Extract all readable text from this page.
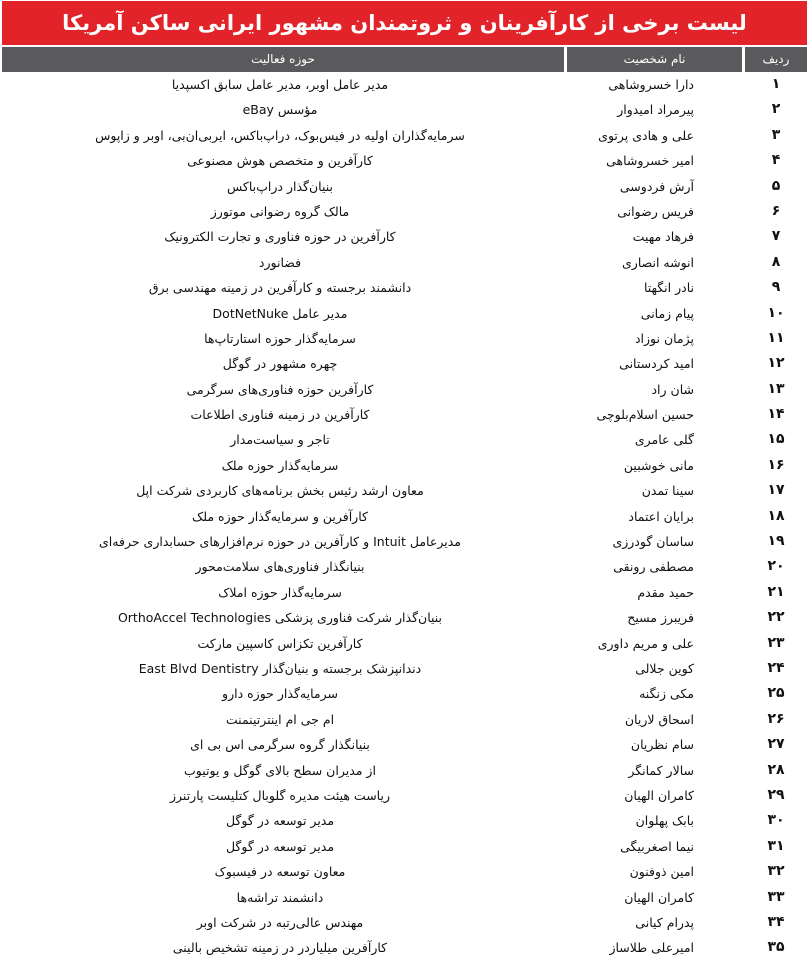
لیست برخی از کارآفرینان و ثروتمندان مشهور ایرانی ساکن آمریکا
ردیف
نام شخصیت
حوزه فعالیت
۱
دارا خسروشاهی
مدیر عامل اوبر، مدیر عامل سابق اکسپدیا
۲
پیرمراد امیدوار
مؤسس eBay
۳
علی و هادی پرتوی
سرمایه‌گذاران اولیه در فیس‌بوک، دراپ‌باکس، ایربی‌ان‌بی، اوبر و زاپوس
۴
امیر خسروشاهی
کارآفرین و متخصص هوش مصنوعی
۵
آرش فردوسی
بنیان‌گذار دراپ‌باکس
۶
فریس رضوانی
مالک گروه رضوانی موتورز
۷
فرهاد مهیت
کارآفرین در حوزه فناوری و تجارت الکترونیک
۸
انوشه انصاری
فضانورد
۹
نادر انگهتا
دانشمند برجسته و کارآفرین در زمینه مهندسی برق
۱۰
پیام زمانی
مدیر عامل DotNetNuke
۱۱
پژمان نوزاد
سرمایه‌گذار حوزه استارتاپ‌ها
۱۲
امید کردستانی
چهره مشهور در گوگل
۱۳
شان راد
کارآفرین حوزه فناوری‌های سرگرمی
۱۴
حسین اسلام‌بلوچی
کارآفرین در زمینه فناوری اطلاعات
۱۵
گلی عامری
تاجر و سیاست‌مدار
۱۶
مانی خوشبین
سرمایه‌گذار حوزه ملک
۱۷
سینا تمدن
معاون ارشد رئیس بخش برنامه‌های کاربردی شرکت اپل
۱۸
برایان اعتماد
کارآفرین و سرمایه‌گذار حوزه ملک
۱۹
ساسان گودرزی
مدیرعامل Intuit و کارآفرین در حوزه نرم‌افزارهای حسابداری حرفه‌ای
۲۰
مصطفی رونقی
بنیانگذار فناوری‌های سلامت‌محور
۲۱
حمید مقدم
سرمایه‌گذار حوزه املاک
۲۲
فریبرز مسیح
بنیان‌گذار شرکت فناوری پزشکی OrthoAccel Technologies
۲۳
علی و مریم داوری
کارآفرین تکزاس کاسپین مارکت
۲۴
کوین جلالی
دندانپزشک برجسته و بنیان‌گذار East Blvd Dentistry
۲۵
مکی زنگنه
سرمایه‌گذار حوزه دارو
۲۶
اسحاق لاریان
ام جی ام اینترتینمنت
۲۷
سام نظریان
بنیانگذار گروه سرگرمی اس بی ای
۲۸
سالار کمانگر
از مدیران سطح بالای گوگل و یوتیوب
۲۹
کامران الهیان
ریاست هیئت مدیره گلوبال کتلیست پارتنرز
۳۰
بابک پهلوان
مدیر توسعه در گوگل
۳۱
نیما اصغربیگی
مدیر توسعه در گوگل
۳۲
امین ذوفنون
معاون توسعه در فیسبوک
۳۳
کامران الهیان
دانشمند تراشه‌ها
۳۴
پدرام کیانی
مهندس عالی‌رتبه در شرکت اوبر
۳۵
امیرعلی طلاساز
کارآفرین میلیاردر در زمینه تشخیص بالینی
